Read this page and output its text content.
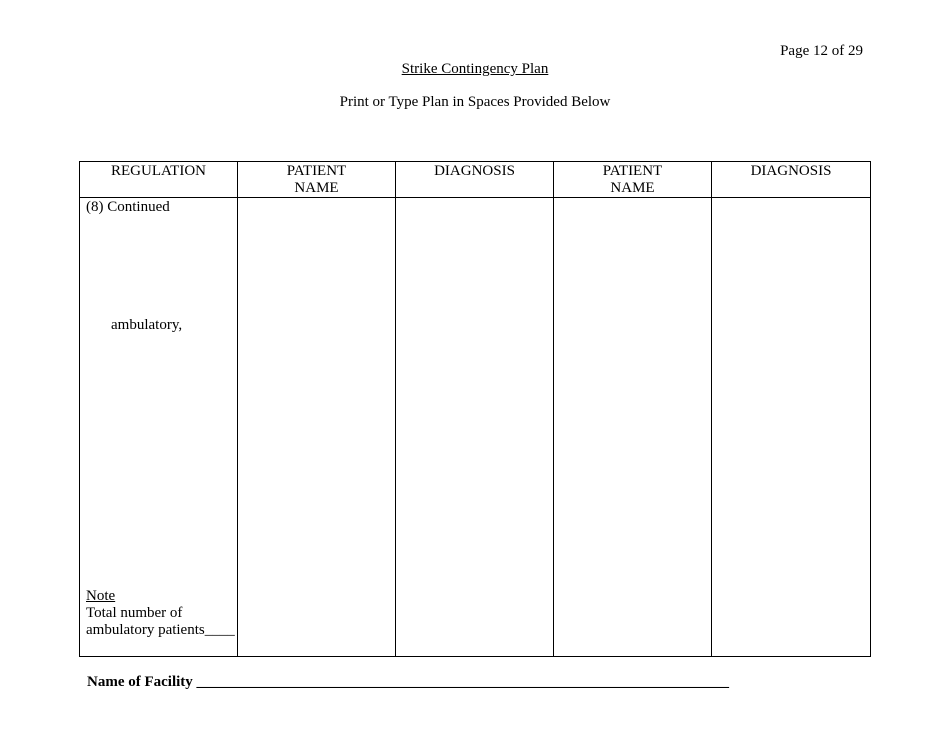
Page 12 of 29
Strike Contingency Plan
Print or Type Plan in Spaces Provided Below
REGULATION	PATIENT NAME	DIAGNOSIS	PATIENT NAME	DIAGNOSIS

(8) Continued
ambulatory,
Note
Total number of
ambulatory patients____				

Name of Facility _______________________________________________________________________
